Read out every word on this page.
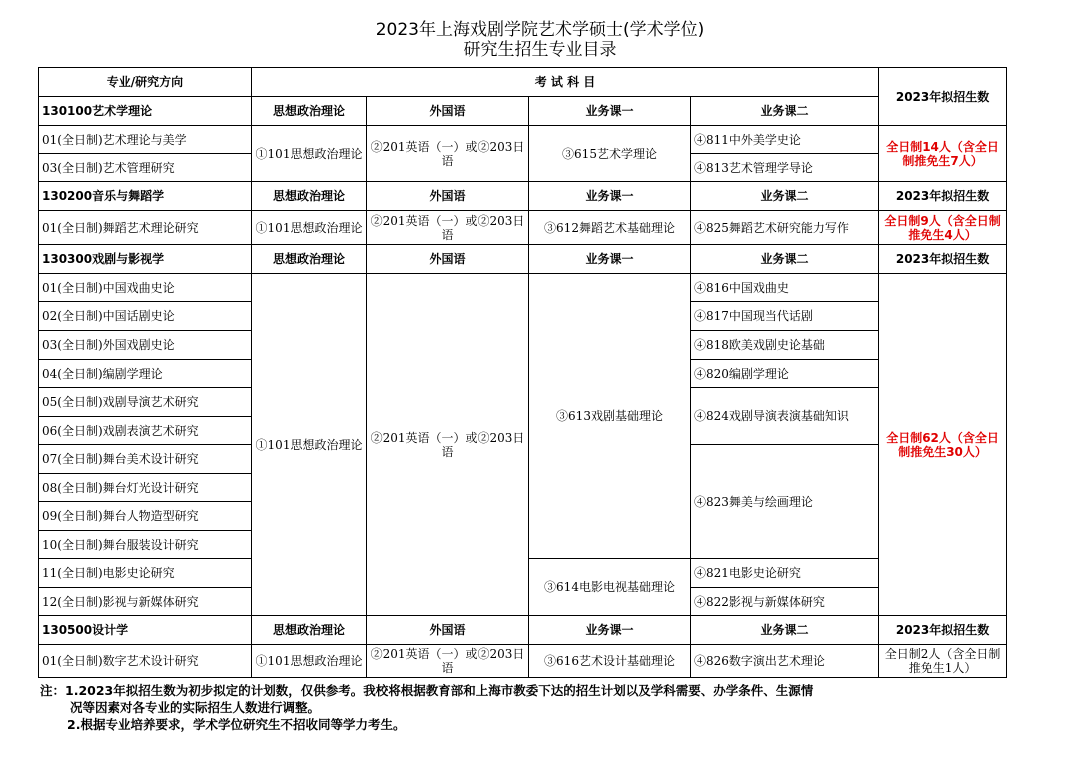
2023年上海戏剧学院艺术学硕士(学术学位)
研究生招生专业目录
专业/研究方向	考 试 科 目				2023年拟招生数
130100艺术学理论	思想政治理论	外国语	业务课一	业务课二	
01(全日制)艺术理论与美学	①101思想政治理论	②201英语（一）或②203日语	③615艺术学理论	④811中外美学史论	全日制14人（含全日制推免生7人）
03(全日制)艺术管理研究				④813艺术管理学导论	
130200音乐与舞蹈学	思想政治理论	外国语	业务课一	业务课二	2023年拟招生数
01(全日制)舞蹈艺术理论研究	①101思想政治理论	②201英语（一）或②203日语	③612舞蹈艺术基础理论	④825舞蹈艺术研究能力写作	全日制9人（含全日制推免生4人）
130300戏剧与影视学	思想政治理论	外国语	业务课一	业务课二	2023年拟招生数
01(全日制)中国戏曲史论	①101思想政治理论	②201英语（一）或②203日语	③613戏剧基础理论	④816中国戏曲史	全日制62人（含全日制推免生30人）
02(全日制)中国话剧史论				④817中国现当代话剧	
03(全日制)外国戏剧史论				④818欧美戏剧史论基础	
04(全日制)编剧学理论				④820编剧学理论	
05(全日制)戏剧导演艺术研究				④824戏剧导演表演基础知识	
06(全日制)戏剧表演艺术研究					
07(全日制)舞台美术设计研究				④823舞美与绘画理论	
08(全日制)舞台灯光设计研究					
09(全日制)舞台人物造型研究					
10(全日制)舞台服装设计研究					
11(全日制)电影史论研究			③614电影电视基础理论	④821电影史论研究	
12(全日制)影视与新媒体研究				④822影视与新媒体研究	
130500设计学	思想政治理论	外国语	业务课一	业务课二	2023年拟招生数
01(全日制)数字艺术设计研究	①101思想政治理论	②201英语（一）或②203日语	③616艺术设计基础理论	④826数字演出艺术理论	全日制2人（含全日制推免生1人）
注：1.2023年拟招生数为初步拟定的计划数，仅供参考。我校将根据教育部和上海市教委下达的招生计划以及学科需要、办学条件、生源情
况等因素对各专业的实际招生人数进行调整。
2.根据专业培养要求，学术学位研究生不招收同等学力考生。
